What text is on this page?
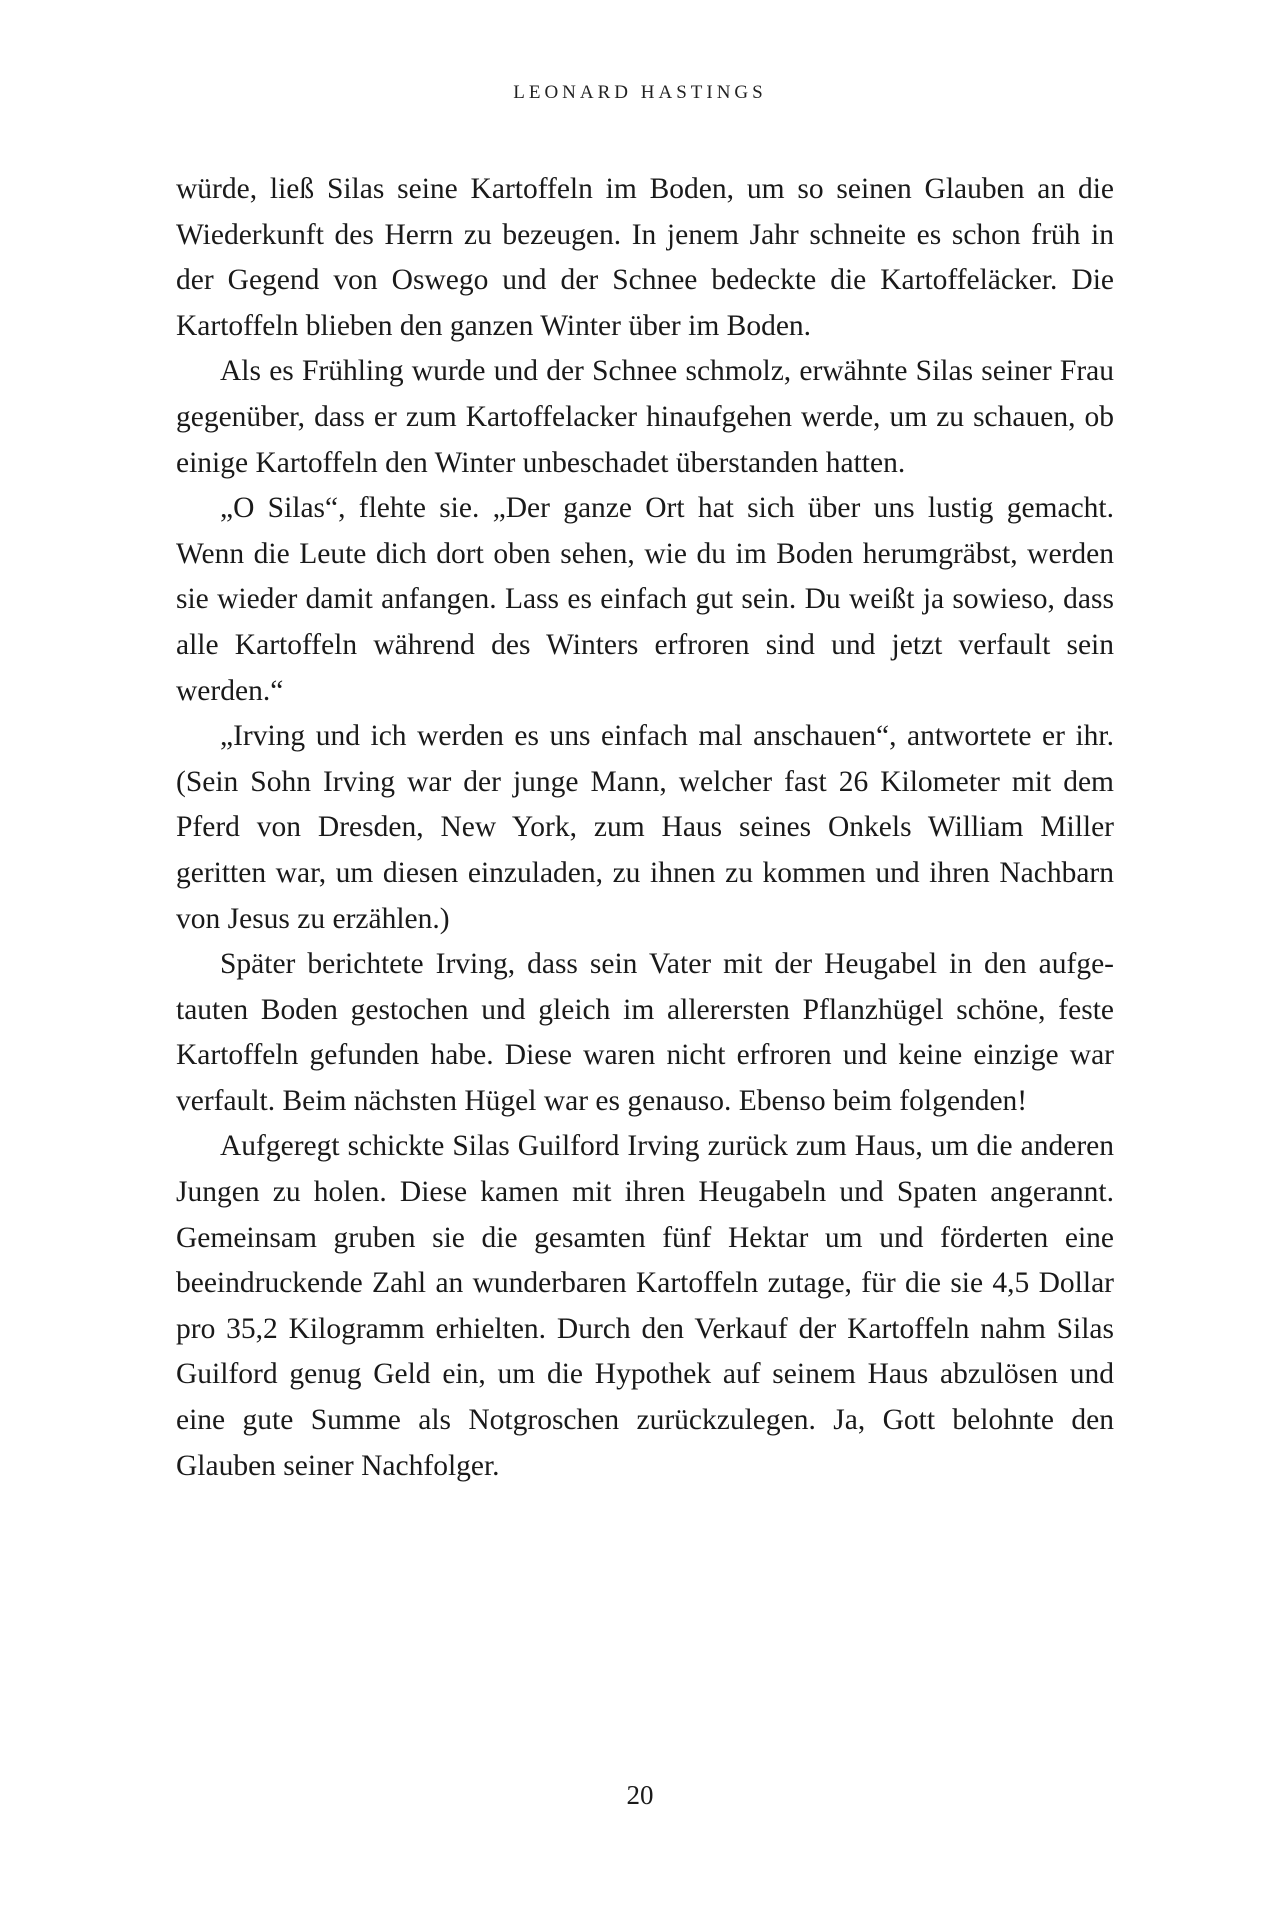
LEONARD HASTINGS

würde, ließ Silas seine Kartoffeln im Boden, um so seinen Glauben an die Wiederkunft des Herrn zu bezeugen. In jenem Jahr schneite es schon früh in der Gegend von Oswego und der Schnee bedeckte die Kartoffeläcker. Die Kartoffeln blieben den ganzen Winter über im Boden.

Als es Frühling wurde und der Schnee schmolz, erwähnte Silas seiner Frau gegenüber, dass er zum Kartoffelacker hinaufgehen werde, um zu schauen, ob einige Kartoffeln den Winter unbeschadet überstanden hatten.

„O Silas“, flehte sie. „Der ganze Ort hat sich über uns lustig gemacht. Wenn die Leute dich dort oben sehen, wie du im Boden herumgräbst, werden sie wieder damit anfangen. Lass es einfach gut sein. Du weißt ja sowieso, dass alle Kartoffeln während des Winters erfroren sind und jetzt verfault sein werden.“

„Irving und ich werden es uns einfach mal anschauen“, antwortete er ihr. (Sein Sohn Irving war der junge Mann, welcher fast 26 Kilometer mit dem Pferd von Dresden, New York, zum Haus seines Onkels William Miller geritten war, um diesen einzuladen, zu ihnen zu kommen und ihren Nachbarn von Jesus zu erzählen.)

Später berichtete Irving, dass sein Vater mit der Heugabel in den aufgetauten Boden gestochen und gleich im allerersten Pflanzhügel schöne, feste Kartoffeln gefunden habe. Diese waren nicht erfroren und keine einzige war verfault. Beim nächsten Hügel war es genauso. Ebenso beim folgenden!

Aufgeregt schickte Silas Guilford Irving zurück zum Haus, um die anderen Jungen zu holen. Diese kamen mit ihren Heugabeln und Spaten angerannt. Gemeinsam gruben sie die gesamten fünf Hektar um und förderten eine beeindruckende Zahl an wunderbaren Kartoffeln zutage, für die sie 4,5 Dollar pro 35,2 Kilogramm erhielten. Durch den Verkauf der Kartoffeln nahm Silas Guilford genug Geld ein, um die Hypothek auf seinem Haus abzulösen und eine gute Summe als Notgroschen zurückzulegen. Ja, Gott belohnte den Glauben seiner Nachfolger.

20
